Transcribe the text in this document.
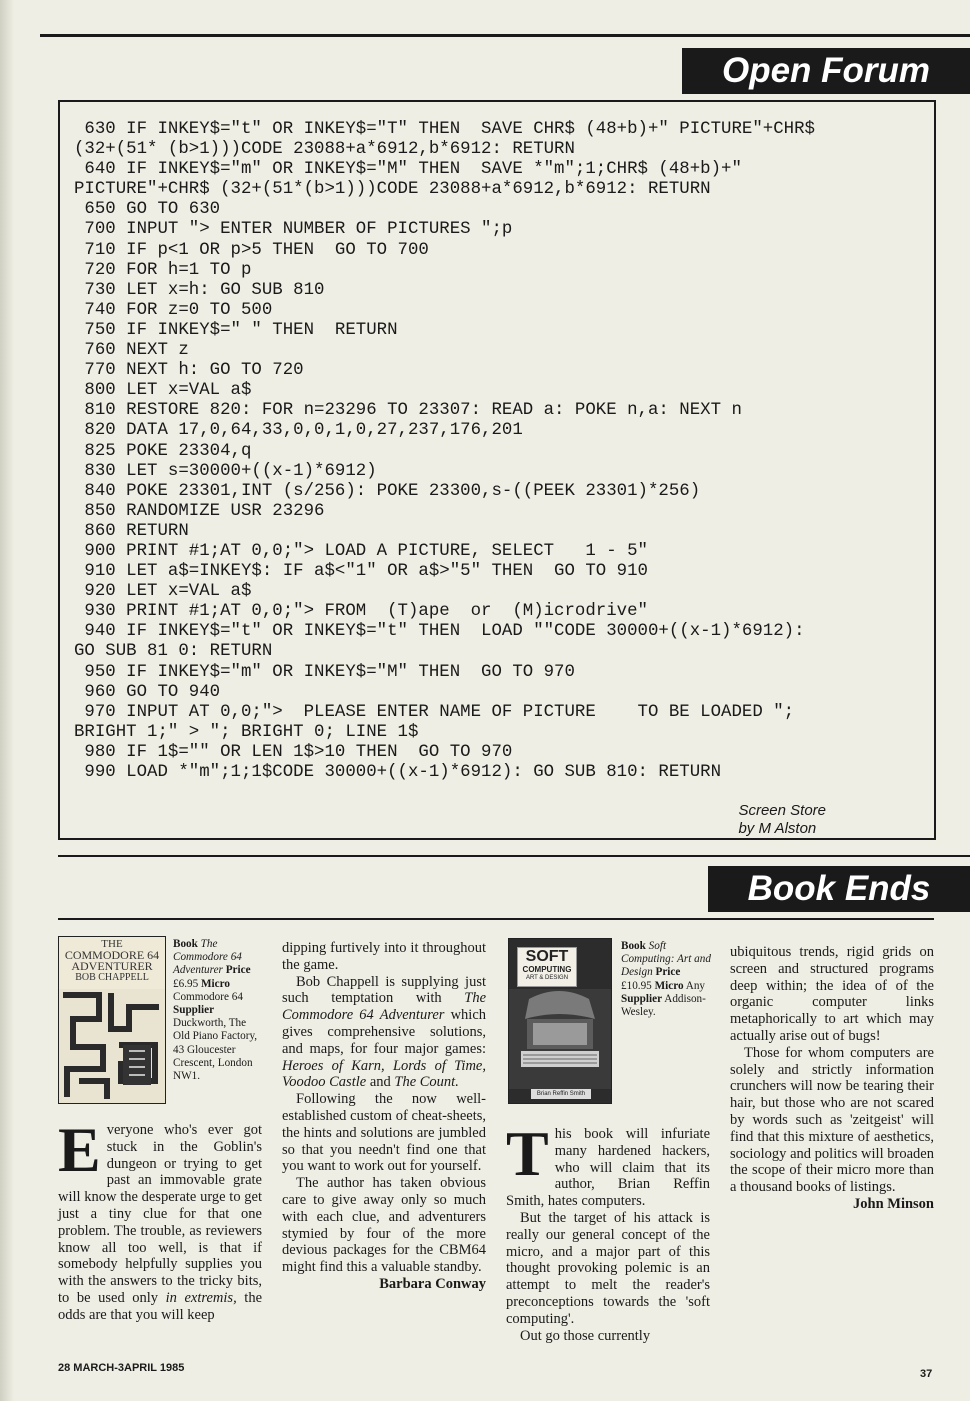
Open Forum
630 IF INKEY$="t" OR INKEY$="T" THEN  SAVE CHR$ (48+b)+" PICTURE"+CHR$
(32+(51* (b>1)))CODE 23088+a*6912,b*6912: RETURN
640 IF INKEY$="m" OR INKEY$="M" THEN  SAVE *"m";1;CHR$ (48+b)+"
PICTURE"+CHR$ (32+(51*(b>1)))CODE 23088+a*6912,b*6912: RETURN
650 GO TO 630
700 INPUT "> ENTER NUMBER OF PICTURES ";p
710 IF p<1 OR p>5 THEN  GO TO 700
720 FOR h=1 TO p
730 LET x=h: GO SUB 810
740 FOR z=0 TO 500
750 IF INKEY$=" " THEN  RETURN
760 NEXT z
770 NEXT h: GO TO 720
800 LET x=VAL a$
810 RESTORE 820: FOR n=23296 TO 23307: READ a: POKE n,a: NEXT n
820 DATA 17,0,64,33,0,0,1,0,27,237,176,201
825 POKE 23304,q
830 LET s=30000+((x-1)*6912)
840 POKE 23301,INT (s/256): POKE 23300,s-((PEEK 23301)*256)
850 RANDOMIZE USR 23296
860 RETURN
900 PRINT #1;AT 0,0;"> LOAD A PICTURE, SELECT   1 - 5"
910 LET a$=INKEY$: IF a$<"1" OR a$>"5" THEN  GO TO 910
920 LET x=VAL a$
930 PRINT #1;AT 0,0;"> FROM  (T)ape  or  (M)icrodrive"
940 IF INKEY$="t" OR INKEY$="t" THEN  LOAD ""CODE 30000+((x-1)*6912):
GO SUB 81 0: RETURN
950 IF INKEY$="m" OR INKEY$="M" THEN  GO TO 970
960 GO TO 940
970 INPUT AT 0,0;">  PLEASE ENTER NAME OF PICTURE    TO BE LOADED ";
BRIGHT 1;" > "; BRIGHT 0; LINE 1$
980 IF 1$="" OR LEN 1$>10 THEN  GO TO 970
990 LOAD *"m";1;1$CODE 30000+((x-1)*6912): GO SUB 810: RETURN
Screen Store
by M Alston
Book Ends
THE
COMMODORE 64
ADVENTURER
BOB CHAPPELL
Book The Commodore 64 Adventurer Price £6.95 Micro Commodore 64 Supplier Duckworth, The Old Piano Factory, 43 Gloucester Crescent, London NW1.

E veryone who's ever got stuck in the Goblin's dungeon or trying to get past an immovable grate will know the desperate urge to get just a tiny clue for that one problem. The trouble, as reviewers know all too well, is that if somebody helpfully supplies you with the answers to the tricky bits, to be used only in extremis, the odds are that you will keep

dipping furtively into it throughout the game.

Bob Chappell is supplying just such temptation with The Commodore 64 Adventurer which gives comprehensive solutions, and maps, for four major games: Heroes of Karn, Lords of Time, Voodoo Castle and The Count.

Following the now well-established custom of cheat-sheets, the hints and solutions are jumbled so that you needn't find one that you want to work out for yourself.

The author has taken obvious care to give away only so much with each clue, and adventurers stymied by four of the more devious packages for the CBM64 might find this a valuable standby.

Barbara Conway
SOFT
COMPUTING
ART & DESIGN
Brian Reffin Smith
Book Soft Computing: Art and Design Price £10.95 Micro Any Supplier Addison-Wesley.

T his book will infuriate many hardened hackers, who will claim that its author, Brian Reffin Smith, hates computers.

But the target of his attack is really our general concept of the micro, and a major part of this thought provoking polemic is an attempt to melt the reader's preconceptions towards the 'soft computing'.

Out go those currently

ubiquitous trends, rigid grids on screen and structured programs deep within; the idea of of the organic computer links metaphorically to art which may actually arise out of bugs!

Those for whom computers are solely and strictly information crunchers will now be tearing their hair, but those who are not scared by words such as 'zeitgeist' will find that this mixture of aesthetics, sociology and politics will broaden the scope of their micro more than a thousand books of listings.

John Minson
28 MARCH-3APRIL 1985	37
